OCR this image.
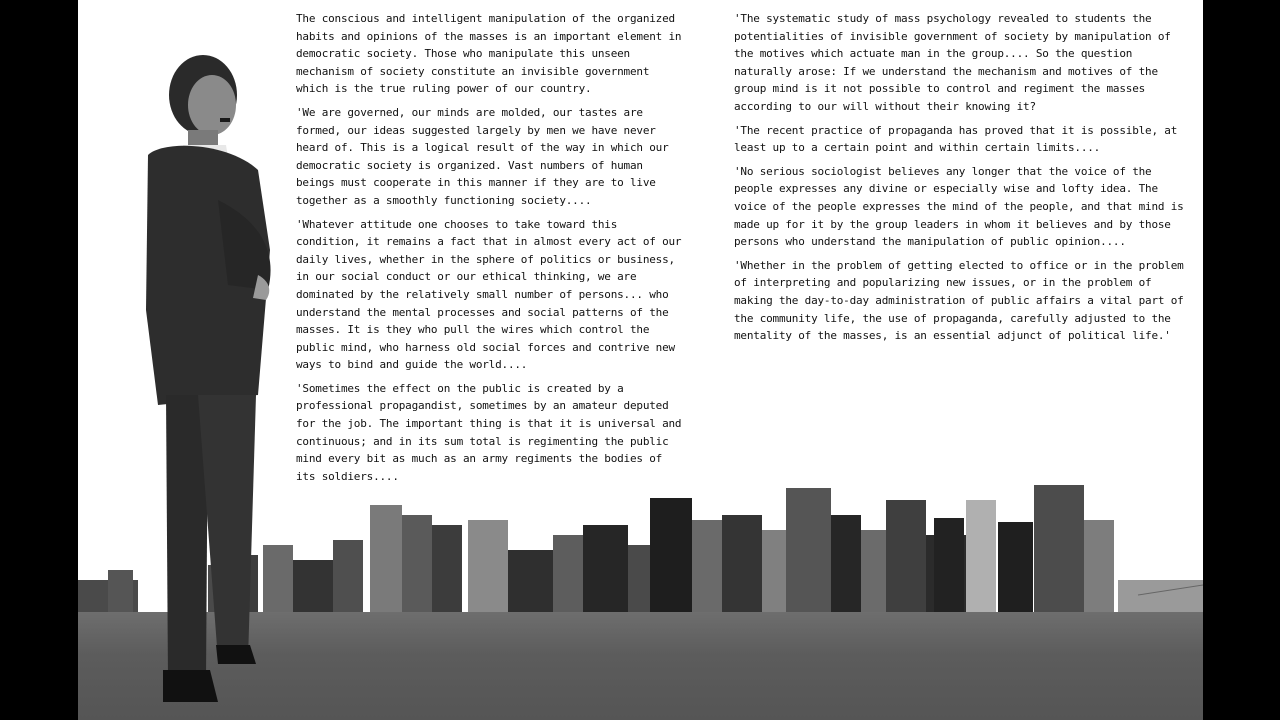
The conscious and intelligent manipulation of the organized habits and opinions of the masses is an important element in democratic society. Those who manipulate this unseen mechanism of society constitute an invisible government which is the true ruling power of our country.

'We are governed, our minds are molded, our tastes are formed, our ideas suggested largely by men we have never heard of. This is a logical result of the way in which our democratic society is organized. Vast numbers of human beings must cooperate in this manner if they are to live together as a smoothly functioning society....

'Whatever attitude one chooses to take toward this condition, it remains a fact that in almost every act of our daily lives, whether in the sphere of politics or business, in our social conduct or our ethical thinking, we are dominated by the relatively small number of persons... who understand the mental processes and social patterns of the masses. It is they who pull the wires which control the public mind, who harness old social forces and contrive new ways to bind and guide the world....

'Sometimes the effect on the public is created by a professional propagandist, sometimes by an amateur deputed for the job. The important thing is that it is universal and continuous; and in its sum total is regimenting the public mind every bit as much as an army regiments the bodies of its soldiers....

'The systematic study of mass psychology revealed to students the potentialities of invisible government of society by manipulation of the motives which actuate man in the group.... So the question naturally arose: If we understand the mechanism and motives of the group mind is it not possible to control and regiment the masses according to our will without their knowing it?

'The recent practice of propaganda has proved that it is possible, at least up to a certain point and within certain limits....

'No serious sociologist believes any longer that the voice of the people expresses any divine or especially wise and lofty idea. The voice of the people expresses the mind of the people, and that mind is made up for it by the group leaders in whom it believes and by those persons who understand the manipulation of public opinion....

'Whether in the problem of getting elected to office or in the problem of interpreting and popularizing new issues, or in the problem of making the day-to-day administration of public affairs a vital part of the community life, the use of propaganda, carefully adjusted to the mentality of the masses, is an essential adjunct of political life.'
